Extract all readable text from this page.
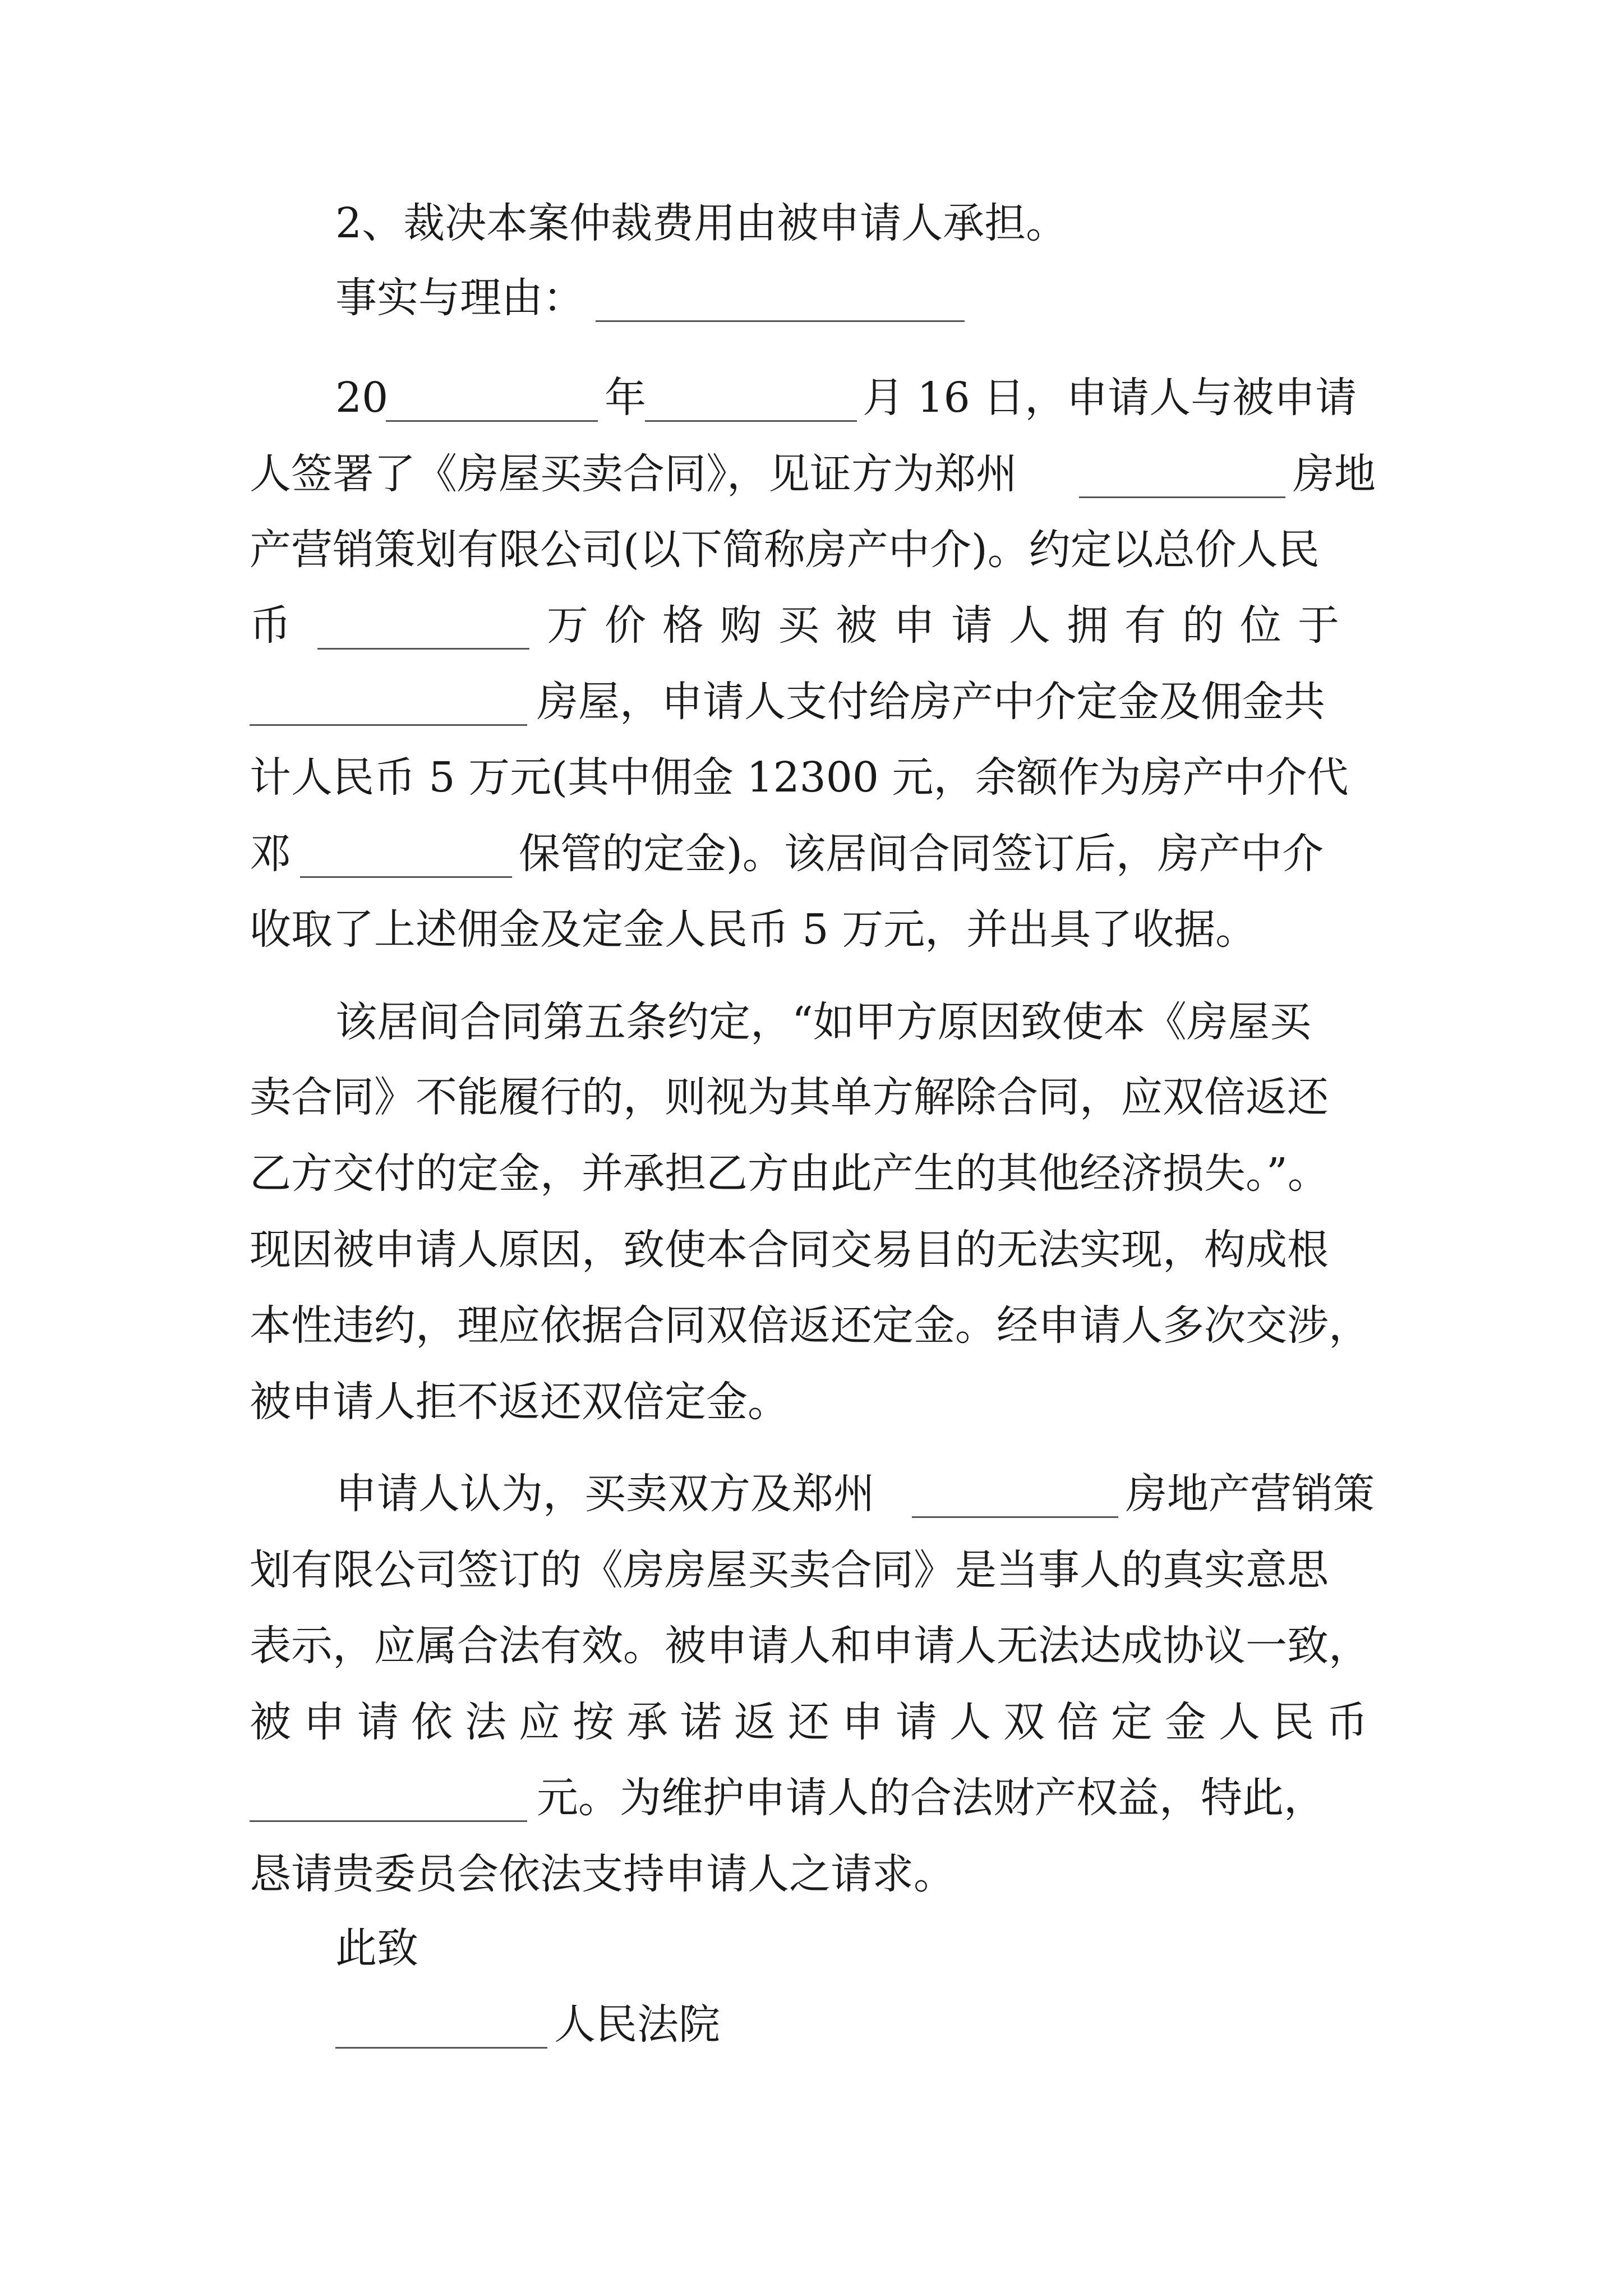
2、裁决本案仲裁费用由被申请人承担。
事实与理由：
20	年	月 16 日，申请人与被申请
人签署了《房屋买卖合同》，见证方为郑州	房地
产营销策划有限公司(以下简称房产中介)。约定以总价人民
币	万价格购买被申请人拥有的位于
房屋，申请人支付给房产中介定金及佣金共
计人民币 5 万元(其中佣金 12300 元，余额作为房产中介代
邓	保管的定金)。该居间合同签订后，房产中介
收取了上述佣金及定金人民币 5 万元，并出具了收据。
该居间合同第五条约定，“如甲方原因致使本《房屋买
卖合同》不能履行的，则视为其单方解除合同，应双倍返还
乙方交付的定金，并承担乙方由此产生的其他经济损失。”。
现因被申请人原因，致使本合同交易目的无法实现，构成根
本性违约，理应依据合同双倍返还定金。经申请人多次交涉，
被申请人拒不返还双倍定金。
申请人认为，买卖双方及郑州	房地产营销策
划有限公司签订的《房房屋买卖合同》是当事人的真实意思
表示，应属合法有效。被申请人和申请人无法达成协议一致，
被申请依法应按承诺返还申请人双倍定金人民币
元。为维护申请人的合法财产权益，特此，
恳请贵委员会依法支持申请人之请求。
此致
人民法院
